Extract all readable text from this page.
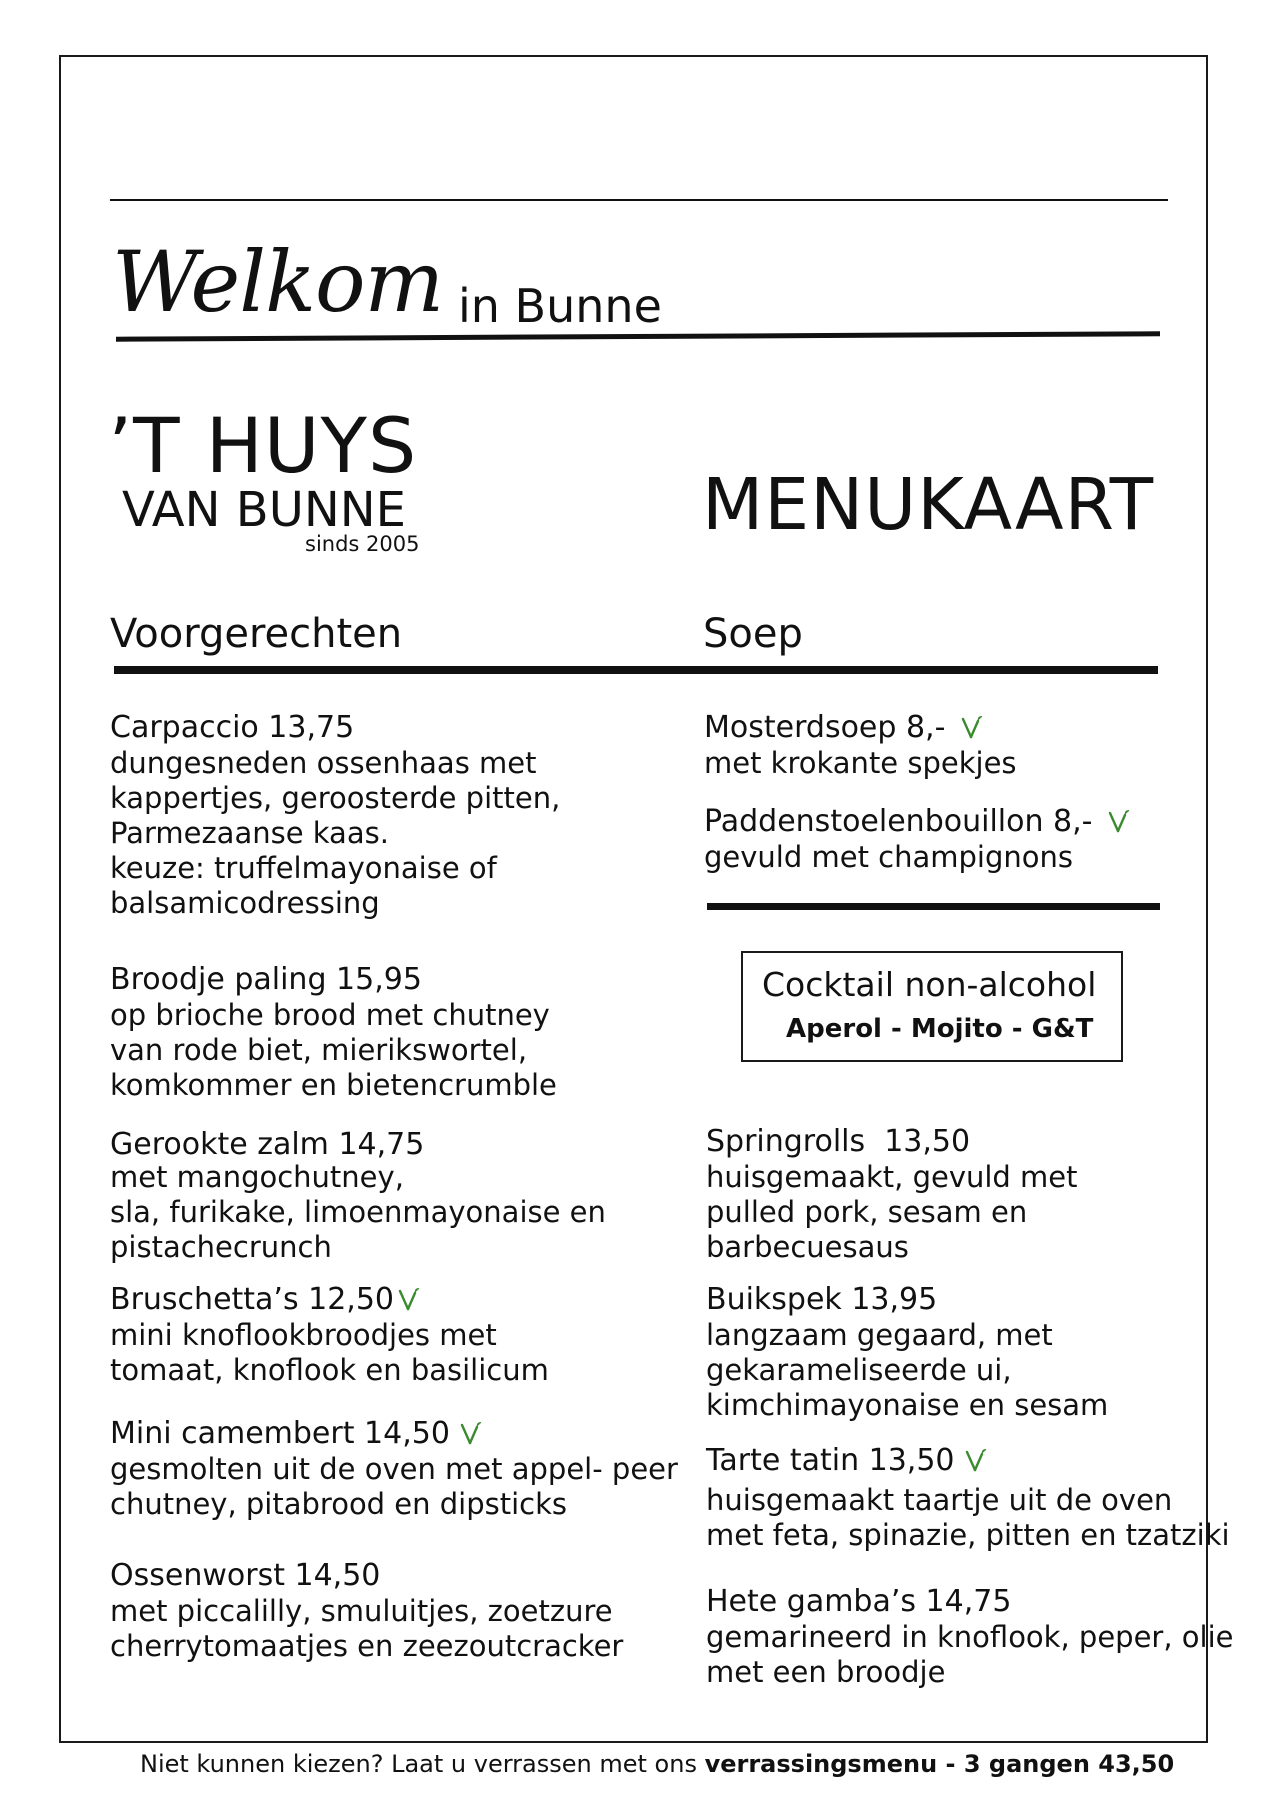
Welkom in Bunne
’T HUYS
VAN BUNNE
sinds 2005	MENUKAART
Voorgerechten	Soep
Carpaccio 13,75
dungesneden ossenhaas met
kappertjes, geroosterde pitten,
Parmezaanse kaas.
keuze: truffelmayonaise of
balsamicodressing
Broodje paling 15,95
op brioche brood met chutney
van rode biet, mierikswortel,
komkommer en bietencrumble
Gerookte zalm 14,75
met mangochutney,
sla, furikake, limoenmayonaise en
pistachecrunch
Bruschetta’s 12,50
mini knoflookbroodjes met
tomaat, knoflook en basilicum
Mini camembert 14,50
gesmolten uit de oven met appel- peer
chutney, pitabrood en dipsticks
Ossenworst 14,50
met piccalilly, smuluitjes, zoetzure
cherrytomaatjes en zeezoutcracker
Mosterdsoep 8,-
met krokante spekjes
Paddenstoelenbouillon 8,-
gevuld met champignons
Cocktail non-alcohol
Aperol - Mojito - G&T
Springrolls  13,50
huisgemaakt, gevuld met
pulled pork, sesam en
barbecuesaus
Buikspek 13,95
langzaam gegaard, met
gekarameliseerde ui,
kimchimayonaise en sesam
Tarte tatin 13,50
huisgemaakt taartje uit de oven
met feta, spinazie, pitten en tzatziki
Hete gamba’s 14,75
gemarineerd in knoflook, peper, olie
met een broodje
Niet kunnen kiezen? Laat u verrassen met ons verrassingsmenu - 3 gangen 43,50
